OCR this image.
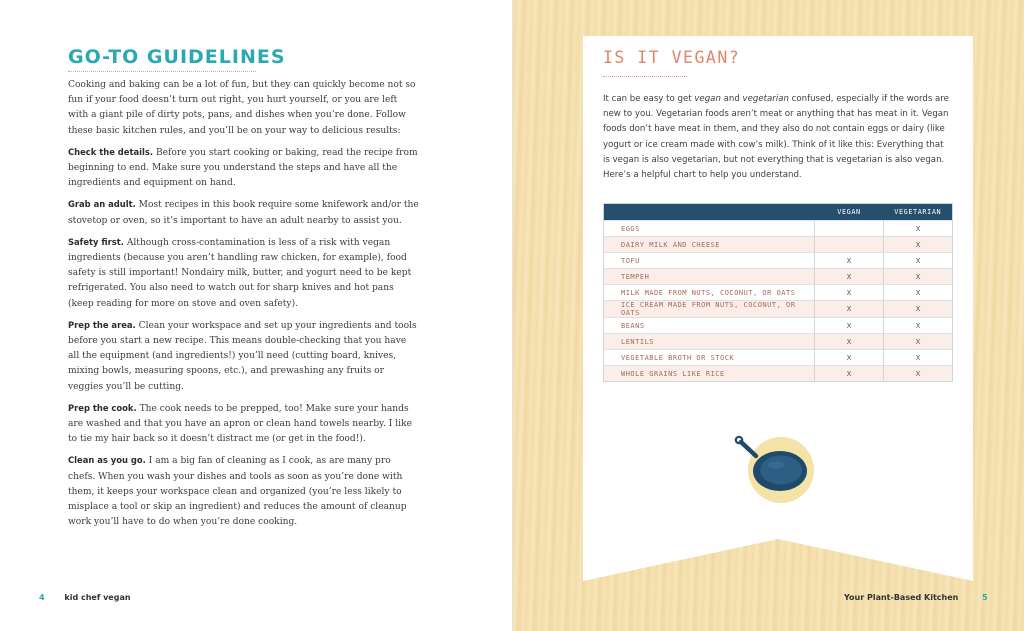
GO-TO GUIDELINES

Cooking and baking can be a lot of fun, but they can quickly become not so fun if your food doesn’t turn out right, you hurt yourself, or you are left with a giant pile of dirty pots, pans, and dishes when you’re done. Follow these basic kitchen rules, and you’ll be on your way to delicious results:

Check the details. Before you start cooking or baking, read the recipe from beginning to end. Make sure you understand the steps and have all the ingredients and equipment on hand.

Grab an adult. Most recipes in this book require some knifework and/or the stovetop or oven, so it’s important to have an adult nearby to assist you.

Safety first. Although cross-contamination is less of a risk with vegan ingredients (because you aren’t handling raw chicken, for example), food safety is still important! Nondairy milk, butter, and yogurt need to be kept refrigerated. You also need to watch out for sharp knives and hot pans (keep reading for more on stove and oven safety).

Prep the area. Clean your workspace and set up your ingredients and tools before you start a new recipe. This means double-checking that you have all the equipment (and ingredients!) you’ll need (cutting board, knives, mixing bowls, measuring spoons, etc.), and prewashing any fruits or veggies you’ll be cutting.

Prep the cook. The cook needs to be prepped, too! Make sure your hands are washed and that you have an apron or clean hand towels nearby. I like to tie my hair back so it doesn’t distract me (or get in the food!).

Clean as you go. I am a big fan of cleaning as I cook, as are many pro chefs. When you wash your dishes and tools as soon as you’re done with them, it keeps your workspace clean and organized (you’re less likely to misplace a tool or skip an ingredient) and reduces the amount of cleanup work you’ll have to do when you’re done cooking.

4 kid chef vegan
IS IT VEGAN?

It can be easy to get vegan and vegetarian confused, especially if the words are new to you. Vegetarian foods aren’t meat or anything that has meat in it. Vegan foods don’t have meat in them, and they also do not contain eggs or dairy (like yogurt or ice cream made with cow’s milk). Think of it like this: Everything that is vegan is also vegetarian, but not everything that is vegetarian is also vegan. Here’s a helpful chart to help you understand.

	VEGAN	VEGETARIAN
EGGS		X
DAIRY MILK AND CHEESE		X
TOFU	X	X
TEMPEH	X	X
MILK MADE FROM NUTS, COCONUT, OR OATS	X	X
ICE CREAM MADE FROM NUTS, COCONUT, OR OATS	X	X
BEANS	X	X
LENTILS	X	X
VEGETABLE BROTH OR STOCK	X	X
WHOLE GRAINS LIKE RICE	X	X
Your Plant-Based Kitchen	5
